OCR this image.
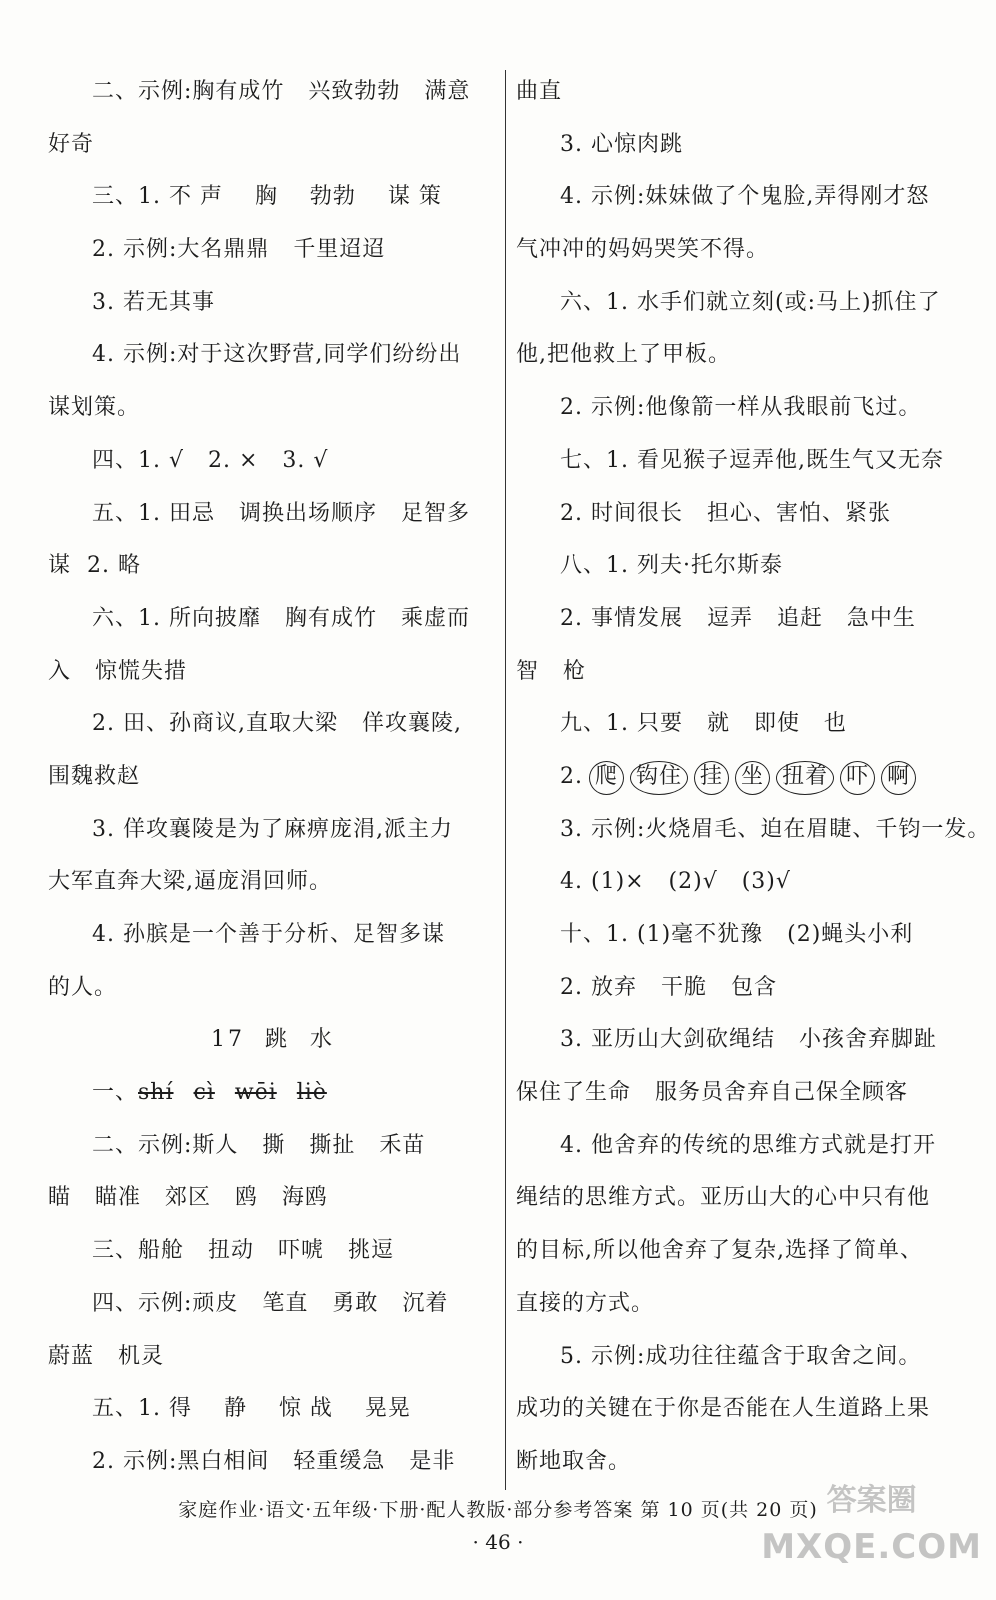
二、示例:胸有成竹   兴致勃勃   满意
好奇
三、1. 不 声    胸    勃勃    谋 策
2. 示例:大名鼎鼎   千里迢迢
3. 若无其事
4. 示例:对于这次野营,同学们纷纷出
谋划策。
四、1. √   2. ×   3. √
五、1. 田忌   调换出场顺序   足智多
谋  2. 略
六、1. 所向披靡   胸有成竹   乘虚而
入   惊慌失措
2. 田、孙商议,直取大梁   佯攻襄陵,
围魏救赵
3. 佯攻襄陵是为了麻痹庞涓,派主力
大军直奔大梁,逼庞涓回师。
4. 孙膑是一个善于分析、足智多谋
的人。
17  跳  水
一、shí cì wēi liè
二、示例:斯人   撕   撕扯   禾苗
瞄   瞄准   郊区   鸥   海鸥
三、船舱   扭动   吓唬   挑逗
四、示例:顽皮   笔直   勇敢   沉着
蔚蓝   机灵
五、1. 得    静    惊 战    晃晃
2. 示例:黑白相间   轻重缓急   是非
曲直
3. 心惊肉跳
4. 示例:妹妹做了个鬼脸,弄得刚才怒
气冲冲的妈妈哭笑不得。
六、1. 水手们就立刻(或:马上)抓住了
他,把他救上了甲板。
2. 示例:他像箭一样从我眼前飞过。
七、1. 看见猴子逗弄他,既生气又无奈
2. 时间很长   担心、害怕、紧张
八、1. 列夫·托尔斯泰
2. 事情发展   逗弄   追赶   急中生
智   枪
九、1. 只要   就   即使   也
2. 爬 钩住 挂 坐 扭着 吓 啊
3. 示例:火烧眉毛、迫在眉睫、千钧一发。
4. (1)×   (2)√   (3)√
十、1. (1)毫不犹豫   (2)蝇头小利
2. 放弃   干脆   包含
3. 亚历山大剑砍绳结   小孩舍弃脚趾
保住了生命   服务员舍弃自己保全顾客
4. 他舍弃的传统的思维方式就是打开
绳结的思维方式。亚历山大的心中只有他
的目标,所以他舍弃了复杂,选择了简单、
直接的方式。
5. 示例:成功往往蕴含于取舍之间。
成功的关键在于你是否能在人生道路上果
断地取舍。
家庭作业·语文·五年级·下册·配人教版·部分参考答案 第 10 页(共 20 页)
· 46 ·
答案圈
MXQE.COM
